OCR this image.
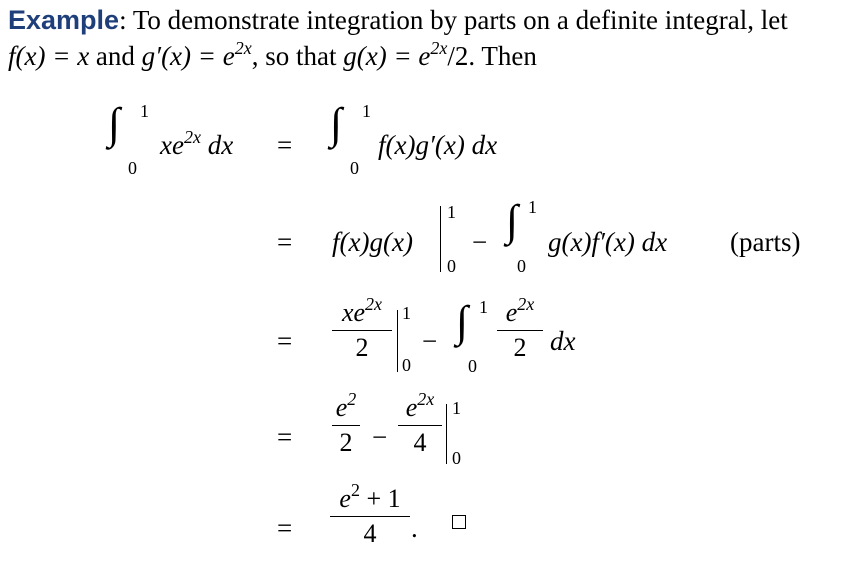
Example: To demonstrate integration by parts on a definite integral, let
f(x) = x and $g'(x) = e^{2x}$, so that $g(x) = e^{2x}/2$. Then
∫ 1
0
$xe^{2x}$ dx =
=
=
=
=
∫ 1
0
f(x)g′(x) dx
f(x)g(x)
1
0
− ∫ 1
0
g(x)f′(x) dx (parts)
$xe^{2x}$
2
1
0
− ∫ 1
0
$e^{2x}$
2 dx
$e^2$
2 −
$e^{2x}$
4
1
0
$e^2 + 1$
4	.
